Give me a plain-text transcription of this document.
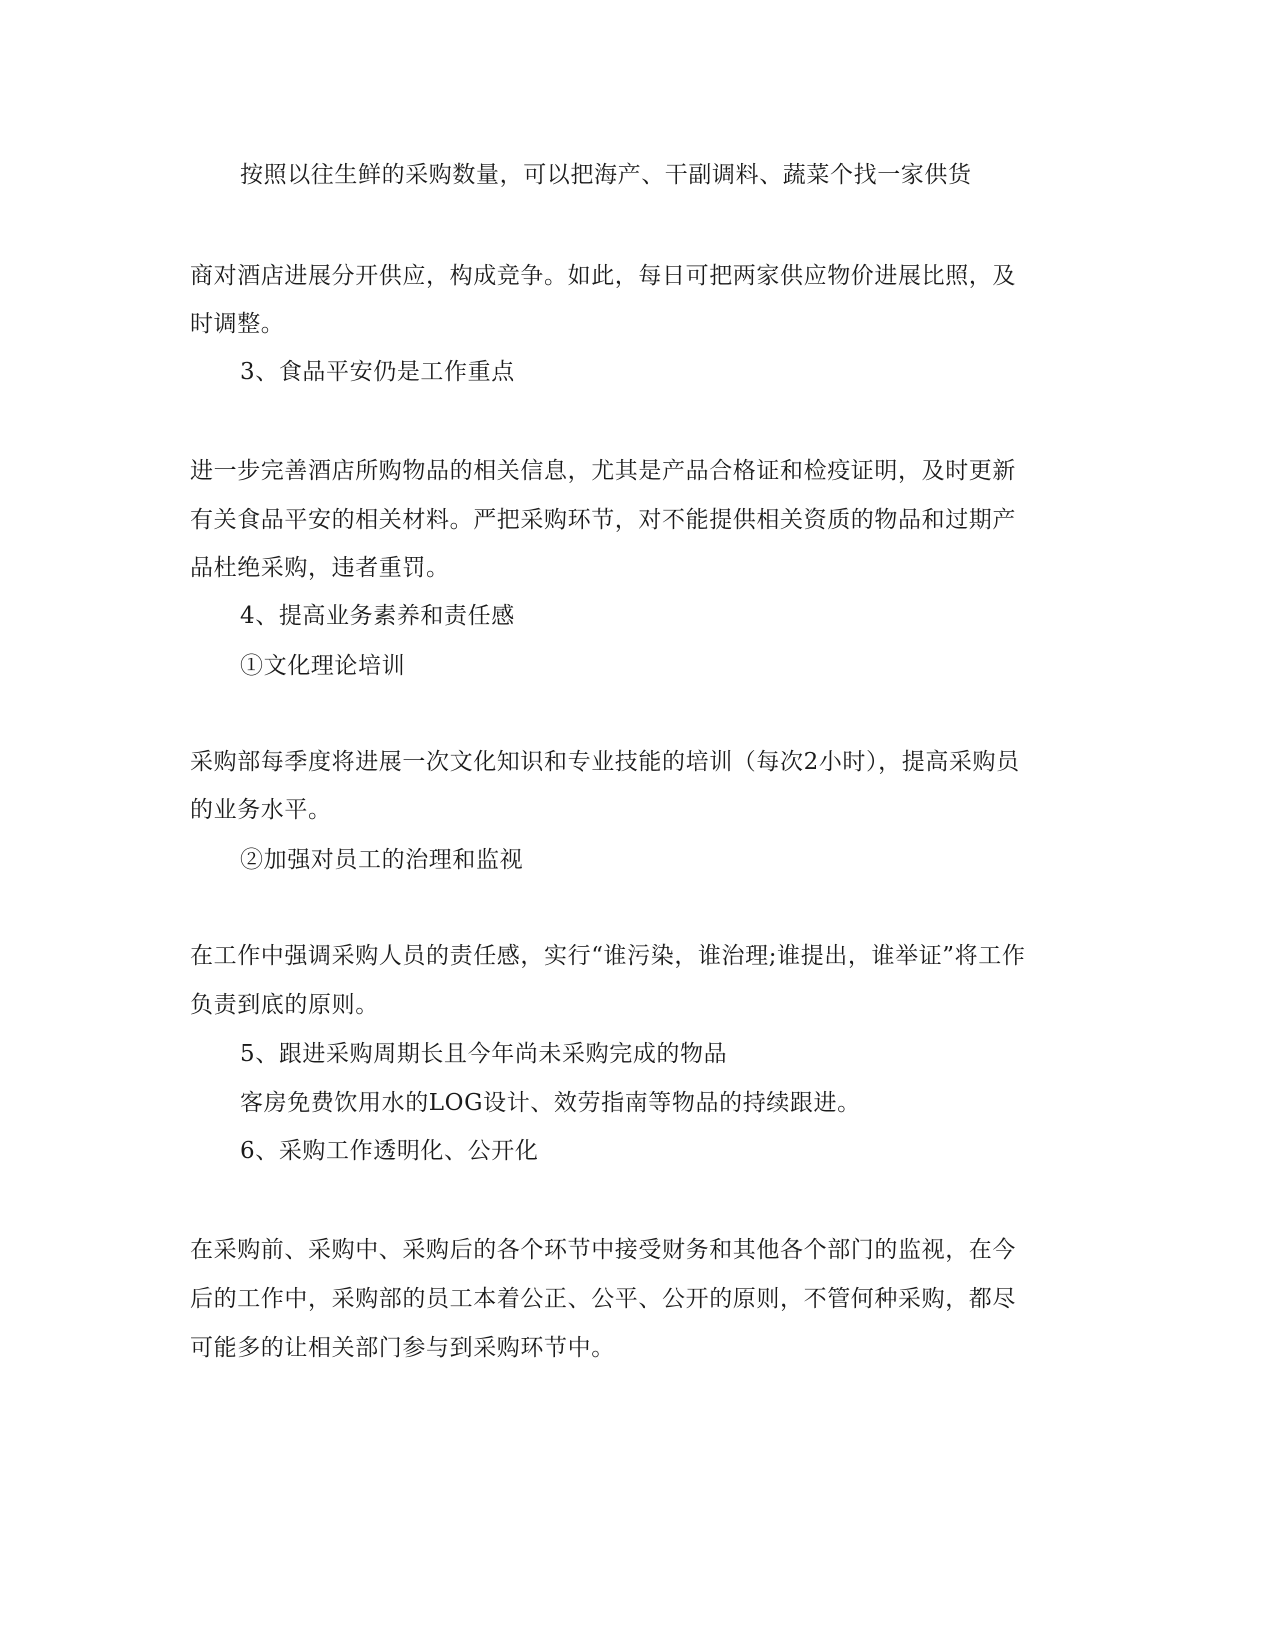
按照以往生鲜的采购数量，可以把海产、干副调料、蔬菜个找一家供货
商对酒店进展分开供应，构成竞争。如此，每日可把两家供应物价进展比照，及
时调整。
3、食品平安仍是工作重点
进一步完善酒店所购物品的相关信息，尤其是产品合格证和检疫证明，及时更新
有关食品平安的相关材料。严把采购环节，对不能提供相关资质的物品和过期产
品杜绝采购，违者重罚。
4、提高业务素养和责任感
①文化理论培训
采购部每季度将进展一次文化知识和专业技能的培训（每次2小时），提高采购员
的业务水平。
②加强对员工的治理和监视
在工作中强调采购人员的责任感，实行“谁污染，谁治理;谁提出，谁举证”将工作
负责到底的原则。
5、跟进采购周期长且今年尚未采购完成的物品
客房免费饮用水的LOG设计、效劳指南等物品的持续跟进。
6、采购工作透明化、公开化
在采购前、采购中、采购后的各个环节中接受财务和其他各个部门的监视，在今
后的工作中，采购部的员工本着公正、公平、公开的原则，不管何种采购，都尽
可能多的让相关部门参与到采购环节中。
